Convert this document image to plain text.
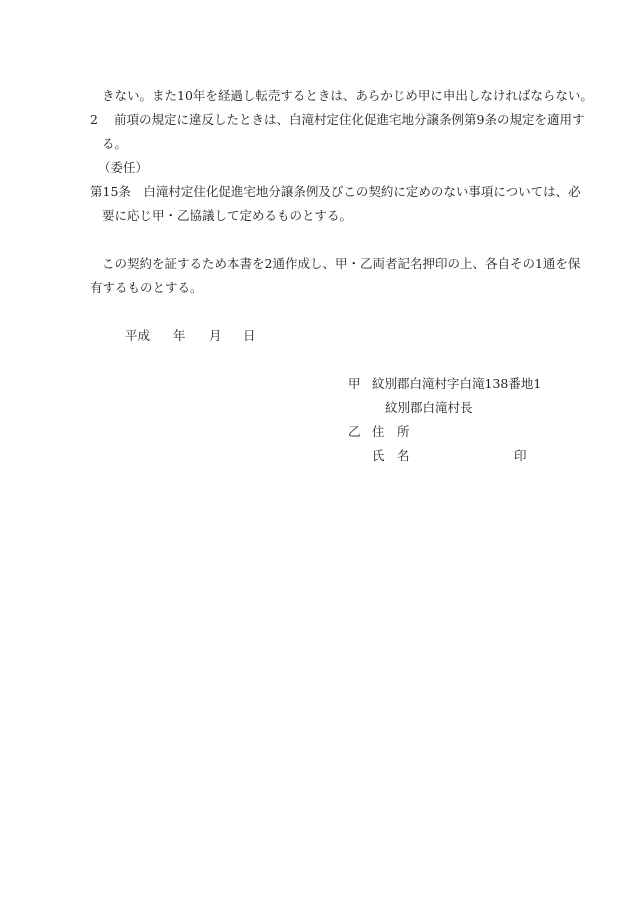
きない。また10年を経過し転売するときは、あらかじめ甲に申出しなければならない。

2 前項の規定に違反したときは、白滝村定住化促進宅地分譲条例第9条の規定を適用す

る。

（委任）

第15条　 白滝村定住化促進宅地分譲条例及びこの契約に定めのない事項については、必

要に応じ甲・乙協議して定めるものとする。

この契約を証するため本書を2通作成し、甲・乙両者記名押印の上、各自その1通を保

有するものとする。

平成 年 月 日
甲 紋別郡白滝村字白滝138番地1
紋別郡白滝村長
乙 住　所
氏　名	印
